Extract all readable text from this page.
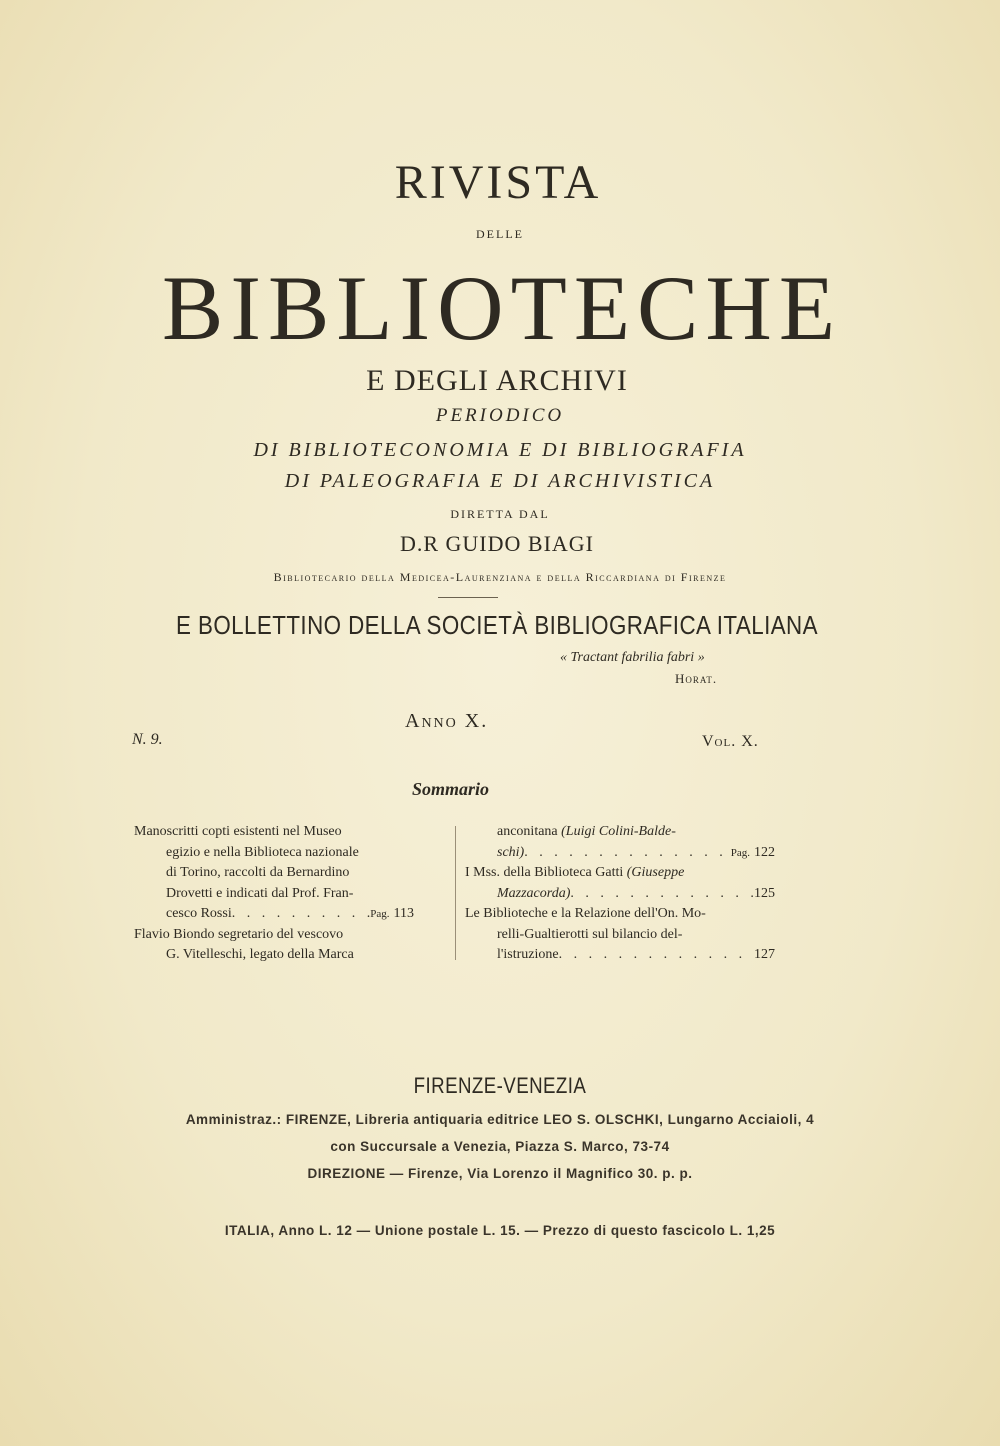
RIVISTA
DELLE
BIBLIOTECHE
E DEGLI ARCHIVI
PERIODICO
DI BIBLIOTECONOMIA E DI BIBLIOGRAFIA
DI PALEOGRAFIA E DI ARCHIVISTICA
DIRETTA DAL
D.R GUIDO BIAGI
Bibliotecario della Medicea-Laurenziana e della Riccardiana di Firenze
E BOLLETTINO DELLA SOCIETÀ BIBLIOGRAFICA ITALIANA
« Tractant fabrilia fabri »
Horat.
Anno X.
N. 9.	Vol. X.
Sommario
Manoscritti copti esistenti nel Museo
egizio e nella Biblioteca nazionale
di Torino, raccolti da Bernardino
Drovetti e indicati dal Prof. Fran-
cesco Rossi . . .	Pag. 113
Flavio Biondo segretario del vescovo
G. Vitelleschi, legato della Marca
anconitana (Luigi Colini-Balde-
schi) . . .	Pag. 122
I Mss. della Biblioteca Gatti (Giuseppe
Mazzacorda) . . .	125
Le Biblioteche e la Relazione dell'On. Mo-
relli-Gualtierotti sul bilancio del-
l'istruzione . . .	127
FIRENZE-VENEZIA
Amministraz.: FIRENZE, Libreria antiquaria editrice LEO S. OLSCHKI, Lungarno Acciaioli, 4
con Succursale a Venezia, Piazza S. Marco, 73-74
DIREZIONE — Firenze, Via Lorenzo il Magnifico 30. p. p.
ITALIA, Anno L. 12 — Unione postale L. 15. — Prezzo di questo fascicolo L. 1,25
